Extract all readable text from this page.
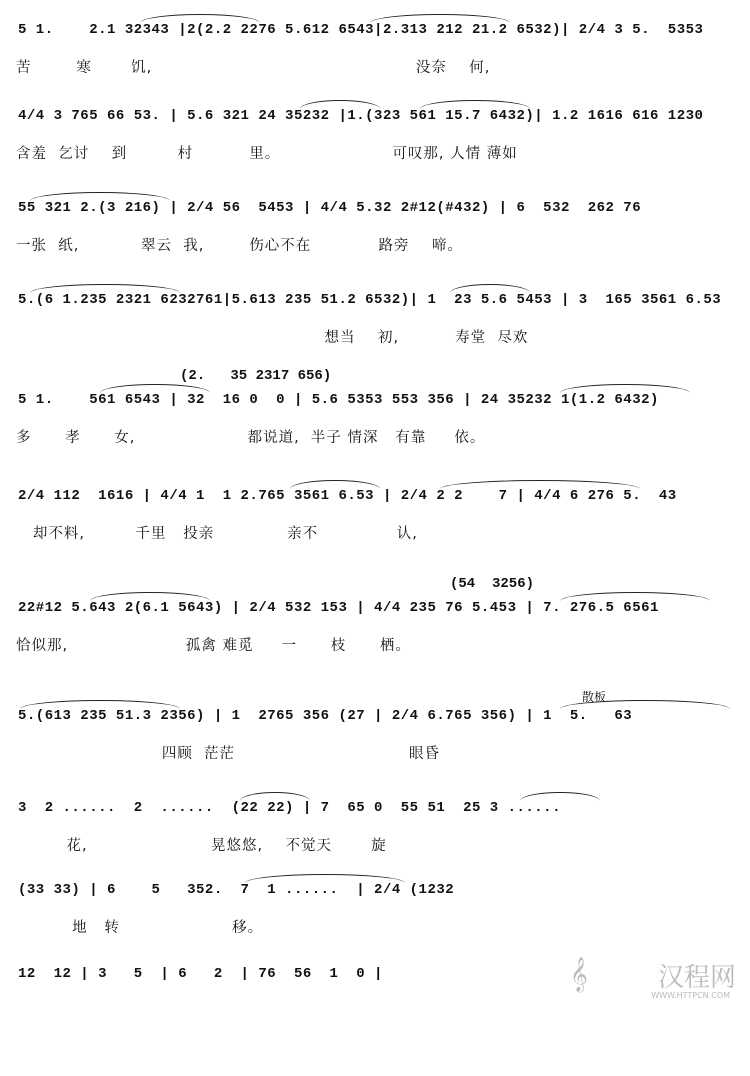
5 1.    2.1 32343 |2(2.2 2276 5.612 6543|2.313 212 21.2 6532)| 2/4 3 5.  5353
苦        寒       饥,                                               没奈    何,
4/4 3 765 66 53. | 5.6 321 24 35232 |1.(323 561 15.7 6432)| 1.2 1616 616 1230
含羞  乞讨    到         村          里。                    可叹那, 人情 薄如
55 321 2.(3 216) | 2/4 56  5453 | 4/4 5.32 2#12(#432) | 6  532  262 76
一张  纸,           翠云  我,        伤心不在            路旁    啼。
5.(6 1.235 2321 6232761|5.613 235 51.2 6532)| 1  23 5.6 5453 | 3  165 3561 6.53
想当    初,          寿堂  尽欢
(2.   35 2317 656)
5 1.    561 6543 | 32  16 0  0 | 5.6 5353 553 356 | 24 35232 1(1.2 6432)
多      孝      女,                    都说道,  半子 情深   有靠     依。
2/4 112  1616 | 4/4 1  1 2.765 3561 6.53 | 2/4 2 2    7 | 4/4 6 276 5.  43
却不料,         千里   投亲             亲不              认,
(54  3256)
22#12 5.643 2(6.1 5643) | 2/4 532 153 | 4/4 235 76 5.453 | 7. 276.5 6561
恰似那,                     孤禽 难觅     一      枝      栖。
散板
5.(613 235 51.3 2356) | 1  2765 356 (27 | 2/4 6.765 356) | 1  5.   63
四顾  茫茫                               眼昏
3  2 ......  2  ......  (22 22) | 7  65 0  55 51  25 3 ......
花,                      晃悠悠,    不觉天       旋
(33 33) | 6    5   352.  7  1 ......  | 2/4 (1232
地   转                    移。
12  12 | 3   5  | 6   2  | 76  56  1  0 |	𝄞	汉程网
WWW.HTTPCN.COM
